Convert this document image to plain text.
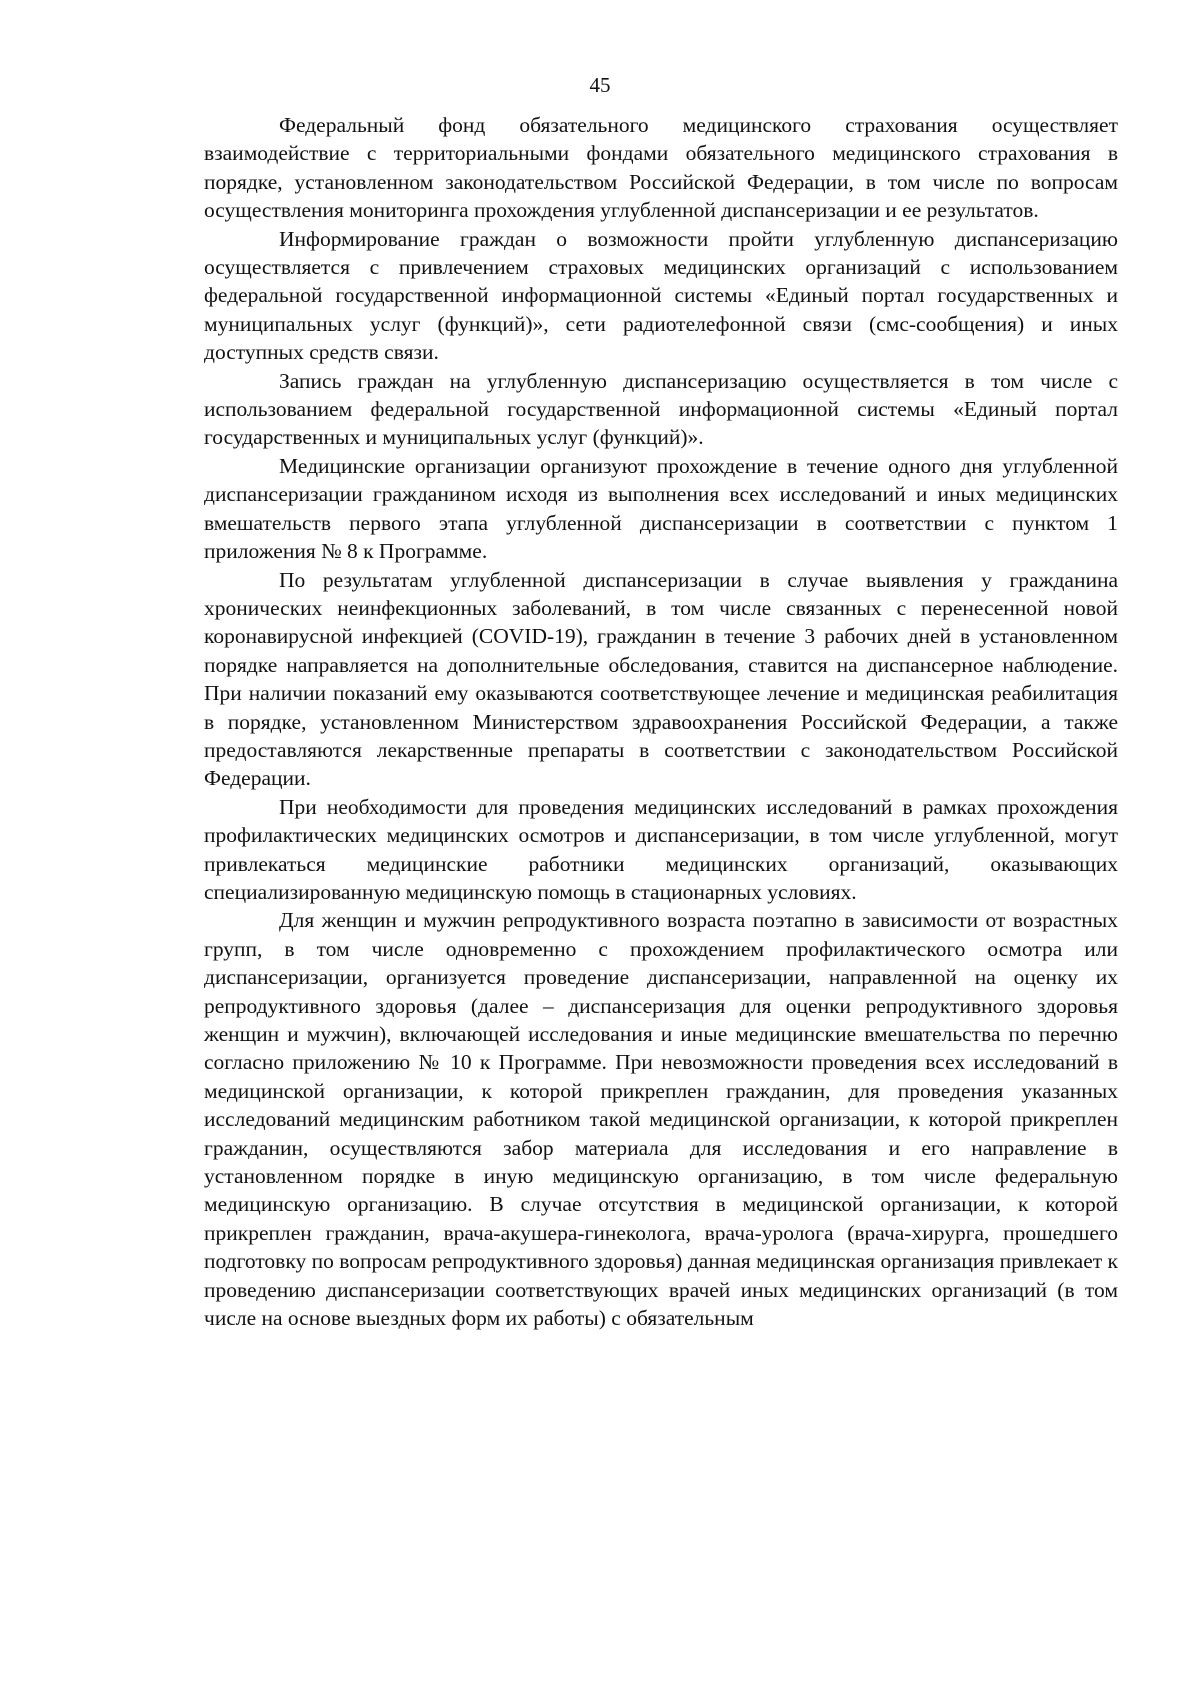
45

Федеральный фонд обязательного медицинского страхования осуществляет взаимодействие с территориальными фондами обязательного медицинского страхования в порядке, установленном законодательством Российской Федерации, в том числе по вопросам осуществления мониторинга прохождения углубленной диспансеризации и ее результатов.

Информирование граждан о возможности пройти углубленную диспансеризацию осуществляется с привлечением страховых медицинских организаций с использованием федеральной государственной информационной системы «Единый портал государственных и муниципальных услуг (функций)», сети радиотелефонной связи (смс-сообщения) и иных доступных средств связи.

Запись граждан на углубленную диспансеризацию осуществляется в том числе с использованием федеральной государственной информационной системы «Единый портал государственных и муниципальных услуг (функций)».

Медицинские организации организуют прохождение в течение одного дня углубленной диспансеризации гражданином исходя из выполнения всех исследований и иных медицинских вмешательств первого этапа углубленной диспансеризации в соответствии с пунктом 1 приложения № 8 к Программе.

По результатам углубленной диспансеризации в случае выявления у гражданина хронических неинфекционных заболеваний, в том числе связанных с перенесенной новой коронавирусной инфекцией (COVID-19), гражданин в течение 3 рабочих дней в установленном порядке направляется на дополнительные обследования, ставится на диспансерное наблюдение. При наличии показаний ему оказываются соответствующее лечение и медицинская реабилитация в порядке, установленном Министерством здравоохранения Российской Федерации, а также предоставляются лекарственные препараты в соответствии с законодательством Российской Федерации.

При необходимости для проведения медицинских исследований в рамках прохождения профилактических медицинских осмотров и диспансеризации, в том числе углубленной, могут привлекаться медицинские работники медицинских организаций, оказывающих специализированную медицинскую помощь в стационарных условиях.

Для женщин и мужчин репродуктивного возраста поэтапно в зависимости от возрастных групп, в том числе одновременно с прохождением профилактического осмотра или диспансеризации, организуется проведение диспансеризации, направленной на оценку их репродуктивного здоровья (далее – диспансеризация для оценки репродуктивного здоровья женщин и мужчин), включающей исследования и иные медицинские вмешательства по перечню согласно приложению № 10 к Программе. При невозможности проведения всех исследований в медицинской организации, к которой прикреплен гражданин, для проведения указанных исследований медицинским работником такой медицинской организации, к которой прикреплен гражданин, осуществляются забор материала для исследования и его направление в установленном порядке в иную медицинскую организацию, в том числе федеральную медицинскую организацию. В случае отсутствия в медицинской организации, к которой прикреплен гражданин, врача-акушера-гинеколога, врача-уролога (врача-хирурга, прошедшего подготовку по вопросам репродуктивного здоровья) данная медицинская организация привлекает к проведению диспансеризации соответствующих врачей иных медицинских организаций (в том числе на основе выездных форм их работы) с обязательным
